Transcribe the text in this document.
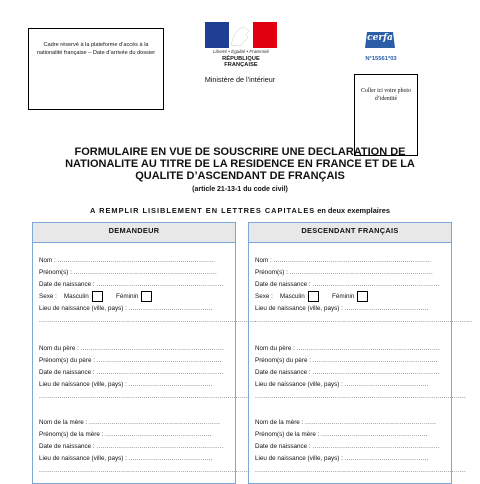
Cadre réservé à la plateforme d’accès à la nationalité française – Date d’arrivée du dossier	Liberté • Égalité • Fraternité
RÉPUBLIQUE FRANÇAISE
Ministère de l’intérieur
cerfa
N°15561*03
Coller ici votre photo d’identité
FORMULAIRE EN VUE DE SOUSCRIRE UNE DECLARATION DE
NATIONALITE AU TITRE DE LA RESIDENCE EN FRANCE ET DE LA
QUALITE D’ASCENDANT DE FRANÇAIS
(article 21-13-1 du code civil)
A REMPLIR LISIBLEMENT EN LETTRES CAPITALES en deux exemplaires
DEMANDEUR
Nom : .............................................................................
Prénom(s) : ......................................................................
Date de naissance : ..............................................................
Sexe :    Masculin	Féminin
Lieu de naissance (ville, pays) : .........................................
..........................................................................................................
Nom du père : ......................................................................
Prénom(s) du père : .............................................................
Date de naissance : ..............................................................
Lieu de naissance (ville, pays) : .........................................
.......................................................................................................
Nom de la mère : ................................................................
Prénom(s) de la mère : ....................................................
Date de naissance : ..............................................................
Lieu de naissance (ville, pays) : .........................................
.......................................................................................................
DESCENDANT FRANÇAIS
Nom : .............................................................................
Prénom(s) : ......................................................................
Date de naissance : ..............................................................
Sexe :    Masculin	Féminin
Lieu de naissance (ville, pays) : .........................................
..........................................................................................................
Nom du père : ......................................................................
Prénom(s) du père : .............................................................
Date de naissance : ..............................................................
Lieu de naissance (ville, pays) : .........................................
.......................................................................................................
Nom de la mère : ................................................................
Prénom(s) de la mère : ....................................................
Date de naissance : ..............................................................
Lieu de naissance (ville, pays) : .........................................
.......................................................................................................
